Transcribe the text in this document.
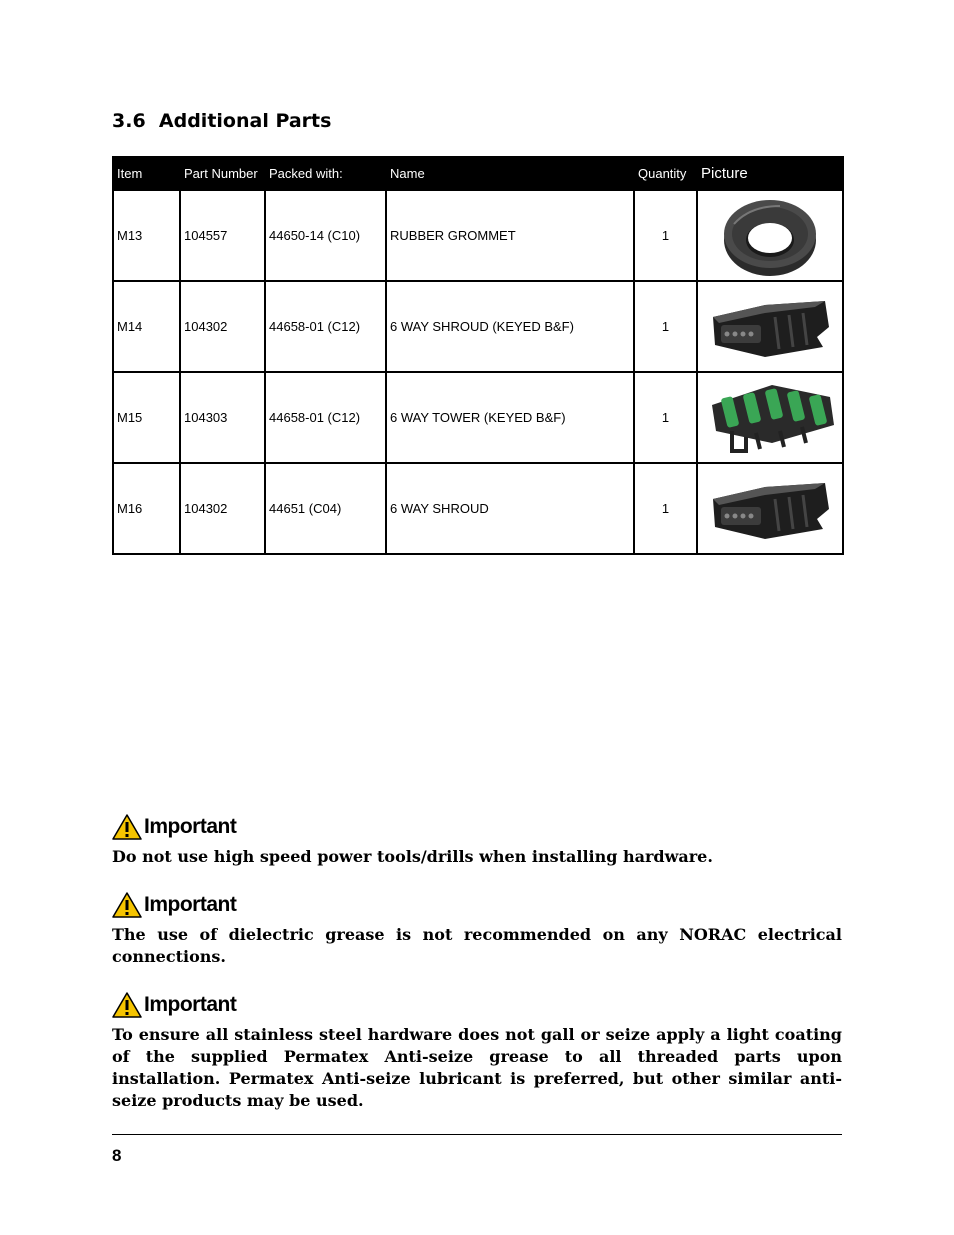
3.6 Additional Parts
Item	Part Number	Packed with:	Name	Quantity	Picture
M13	104557	44650-14 (C10)	RUBBER GROMMET	1	

M14	104302	44658-01 (C12)	6 WAY SHROUD (KEYED B&F)	1	

M15	104303	44658-01 (C12)	6 WAY TOWER (KEYED B&F)	1	

M16	104302	44651 (C04)	6 WAY SHROUD	1	
Important
Do not use high speed power tools/drills when installing hardware.
Important
The use of dielectric grease is not recommended on any NORAC electrical connections.
Important
To ensure all stainless steel hardware does not gall or seize apply a light coating of the supplied Permatex Anti-seize grease to all threaded parts upon installation. Permatex Anti-seize lubricant is preferred, but other similar anti-seize products may be used.
8
